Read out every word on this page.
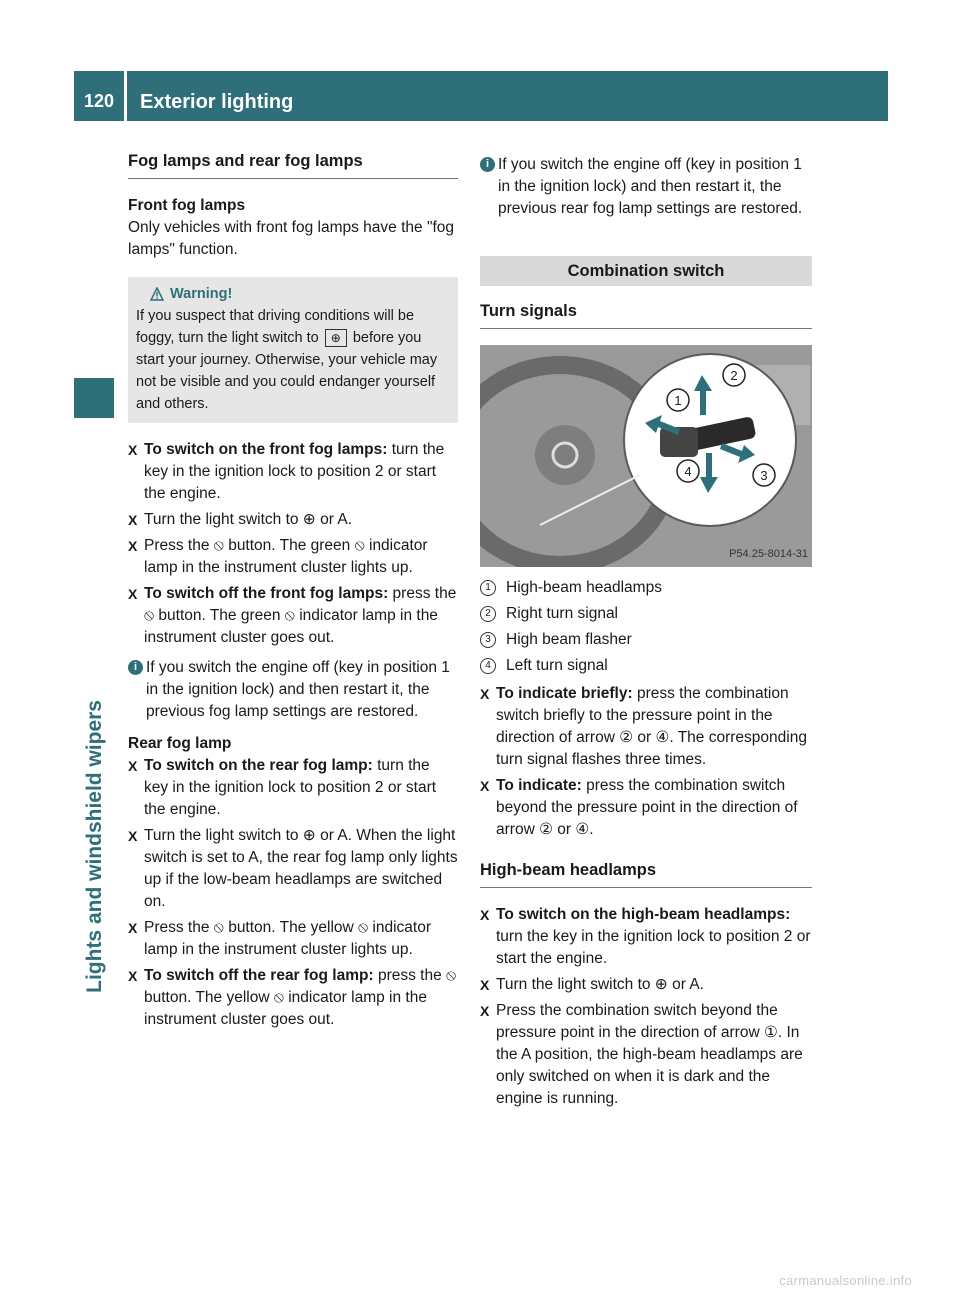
120	Exterior lighting
Lights and windshield wipers
Fog lamps and rear fog lamps
Front fog lamps

Only vehicles with front fog lamps have the "fog lamps" function.

Warning!

If you suspect that driving conditions will be foggy, turn the light switch to ⊕ before you start your journey. Otherwise, your vehicle may not be visible and you could endanger yourself and others.

X To switch on the front fog lamps: turn the key in the ignition lock to position 2 or start the engine.
X Turn the light switch to ⊕ or A.
X Press the ⦸ button. The green ⦸ indicator lamp in the instrument cluster lights up.
X To switch off the front fog lamps: press the ⦸ button. The green ⦸ indicator lamp in the instrument cluster goes out.
i If you switch the engine off (key in position 1 in the ignition lock) and then restart it, the previous fog lamp settings are restored.
Rear fog lamp
X To switch on the rear fog lamp: turn the key in the ignition lock to position 2 or start the engine.
X Turn the light switch to ⊕ or A. When the light switch is set to A, the rear fog lamp only lights up if the low-beam headlamps are switched on.
X Press the ⦸ button. The yellow ⦸ indicator lamp in the instrument cluster lights up.
X To switch off the rear fog lamp: press the ⦸ button. The yellow ⦸ indicator lamp in the instrument cluster goes out.
i If you switch the engine off (key in position 1 in the ignition lock) and then restart it, the previous rear fog lamp settings are restored.
Combination switch
Turn signals
1
2
3
4
P54.25-8014-31
1 High-beam headlamps
2 Right turn signal
3 High beam flasher
4 Left turn signal
X To indicate briefly: press the combination switch briefly to the pressure point in the direction of arrow ② or ④. The corresponding turn signal flashes three times.
X To indicate: press the combination switch beyond the pressure point in the direction of arrow ② or ④.
High-beam headlamps
X To switch on the high-beam headlamps: turn the key in the ignition lock to position 2 or start the engine.
X Turn the light switch to ⊕ or A.
X Press the combination switch beyond the pressure point in the direction of arrow ①. In the A position, the high-beam headlamps are only switched on when it is dark and the engine is running.
carmanualsonline.info
